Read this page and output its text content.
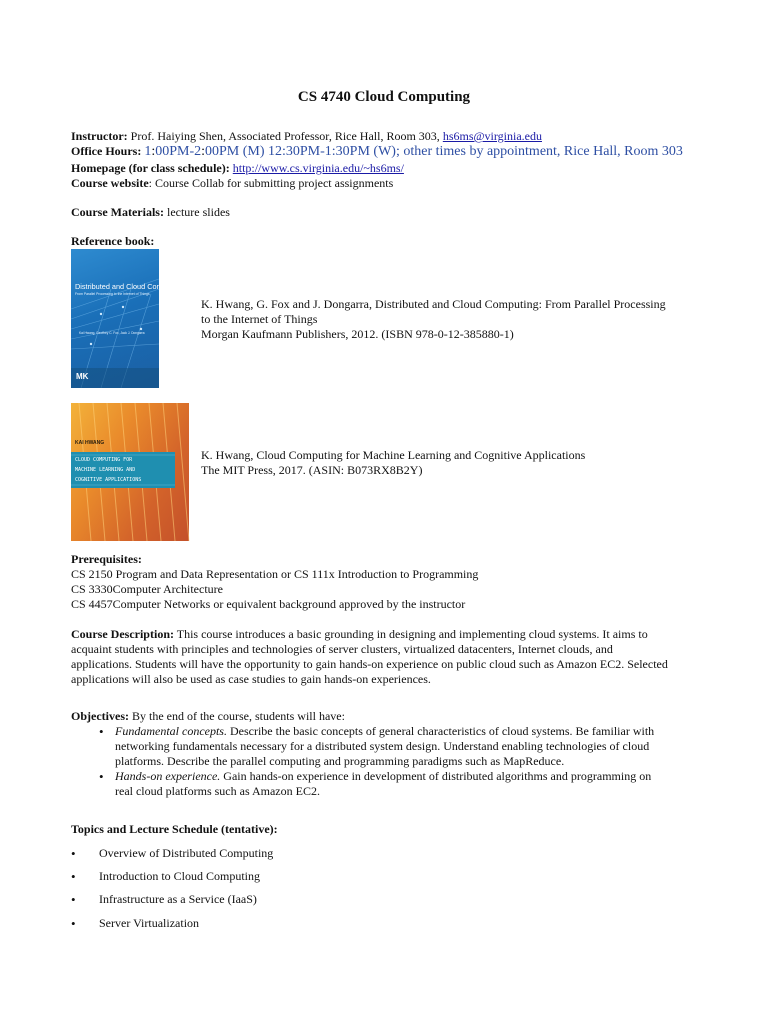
CS 4740 Cloud Computing
Instructor: Prof. Haiying Shen, Associated Professor, Rice Hall, Room 303, hs6ms@virginia.edu
Office Hours: 1:00PM-2:00PM (M) 12:30PM-1:30PM (W); other times by appointment, Rice Hall, Room 303
Homepage (for class schedule): http://www.cs.virginia.edu/~hs6ms/
Course website: Course Collab for submitting project assignments
Course Materials: lecture slides
Reference book:
Distributed and Cloud Computing
From Parallel Processing to the Internet of Things
Kai Hwang, Geoffrey C. Fox, Jack J. Dongarra
MK
K. Hwang, G. Fox and J. Dongarra, Distributed and Cloud Computing: From Parallel Processing
to the Internet of Things
Morgan Kaufmann Publishers, 2012. (ISBN 978-0-12-385880-1)
KAI HWANG
CLOUD COMPUTING FOR
MACHINE LEARNING AND
COGNITIVE APPLICATIONS
K. Hwang, Cloud Computing for Machine Learning and Cognitive Applications
The MIT Press, 2017. (ASIN: B073RX8B2Y)
Prerequisites:
CS 2150 Program and Data Representation or CS 111x Introduction to Programming
CS 3330Computer Architecture
CS 4457Computer Networks or equivalent background approved by the instructor
Course Description: This course introduces a basic grounding in designing and implementing cloud systems. It aims to
acquaint students with principles and technologies of server clusters, virtualized datacenters, Internet clouds, and
applications. Students will have the opportunity to gain hands-on experience on public cloud such as Amazon EC2. Selected
applications will also be used as case studies to gain hands-on experiences.
Objectives: By the end of the course, students will have:
• Fundamental concepts. Describe the basic concepts of general characteristics of cloud systems. Be familiar with
networking fundamentals necessary for a distributed system design. Understand enabling technologies of cloud
platforms. Describe the parallel computing and programming paradigms such as MapReduce.
• Hands-on experience. Gain hands-on experience in development of distributed algorithms and programming on
real cloud platforms such as Amazon EC2.
Topics and Lecture Schedule (tentative):
• Overview of Distributed Computing
• Introduction to Cloud Computing
• Infrastructure as a Service (IaaS)
• Server Virtualization
